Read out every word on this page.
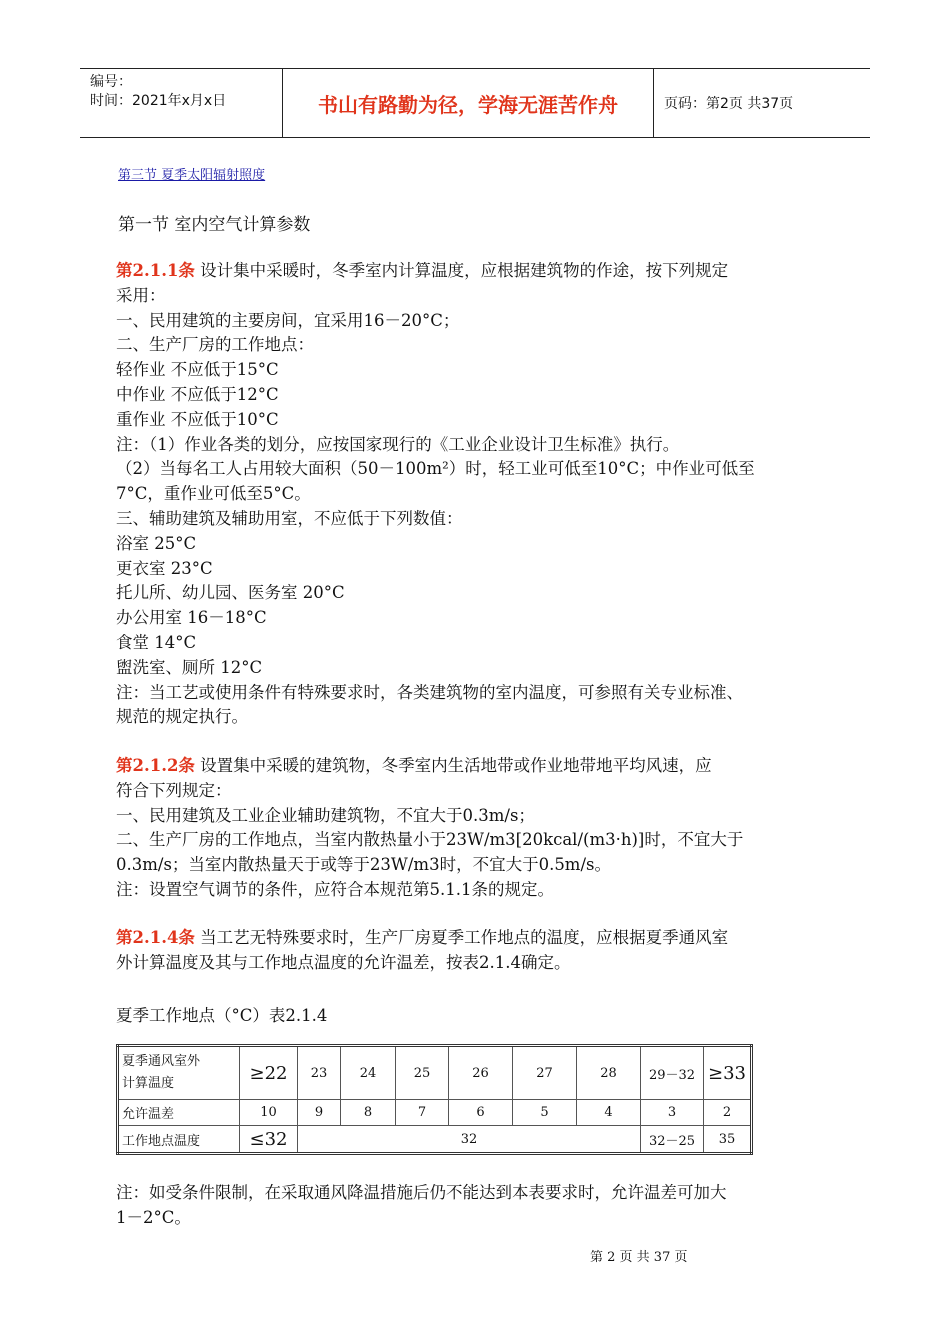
编号：
时间：2021年x月x日	书山有路勤为径，学海无涯苦作舟	页码：第2页 共37页
第三节 夏季太阳辐射照度
第一节 室内空气计算参数
第2.1.1条 设计集中采暖时，冬季室内计算温度，应根据建筑物的作途，按下列规定
采用：
一、民用建筑的主要房间，宜采用16－20°C；
二、生产厂房的工作地点：
轻作业 不应低于15°C
中作业 不应低于12°C
重作业 不应低于10°C
注：（1）作业各类的划分，应按国家现行的《工业企业设计卫生标准》执行。
（2）当每名工人占用较大面积（50－100m²）时，轻工业可低至10°C；中作业可低至
7°C，重作业可低至5°C。
三、辅助建筑及辅助用室，不应低于下列数值：
浴室 25°C
更衣室 23°C
托儿所、幼儿园、医务室 20°C
办公用室 16－18°C
食堂 14°C
盥洗室、厕所 12°C
注：当工艺或使用条件有特殊要求时，各类建筑物的室内温度，可参照有关专业标准、
规范的规定执行。
第2.1.2条 设置集中采暖的建筑物，冬季室内生活地带或作业地带地平均风速，应
符合下列规定：
一、民用建筑及工业企业辅助建筑物，不宜大于0.3m/s；
二、生产厂房的工作地点，当室内散热量小于23W/m3[20kcal/(m3·h)]时，不宜大于
0.3m/s；当室内散热量天于或等于23W/m3时，不宜大于0.5m/s。
注：设置空气调节的条件，应符合本规范第5.1.1条的规定。
第2.1.4条 当工艺无特殊要求时，生产厂房夏季工作地点的温度，应根据夏季通风室
外计算温度及其与工作地点温度的允许温差，按表2.1.4确定。
夏季工作地点（°C）表2.1.4
夏季通风室外
计算温度	≥22	23	24	25	26	27	28	29－32	≥33
允许温差	10	9	8	7	6	5	4	3	2
工作地点温度	≤32	32						32－25	35
注：如受条件限制，在采取通风降温措施后仍不能达到本表要求时，允许温差可加大
1－2°C。
第 2 页 共 37 页
